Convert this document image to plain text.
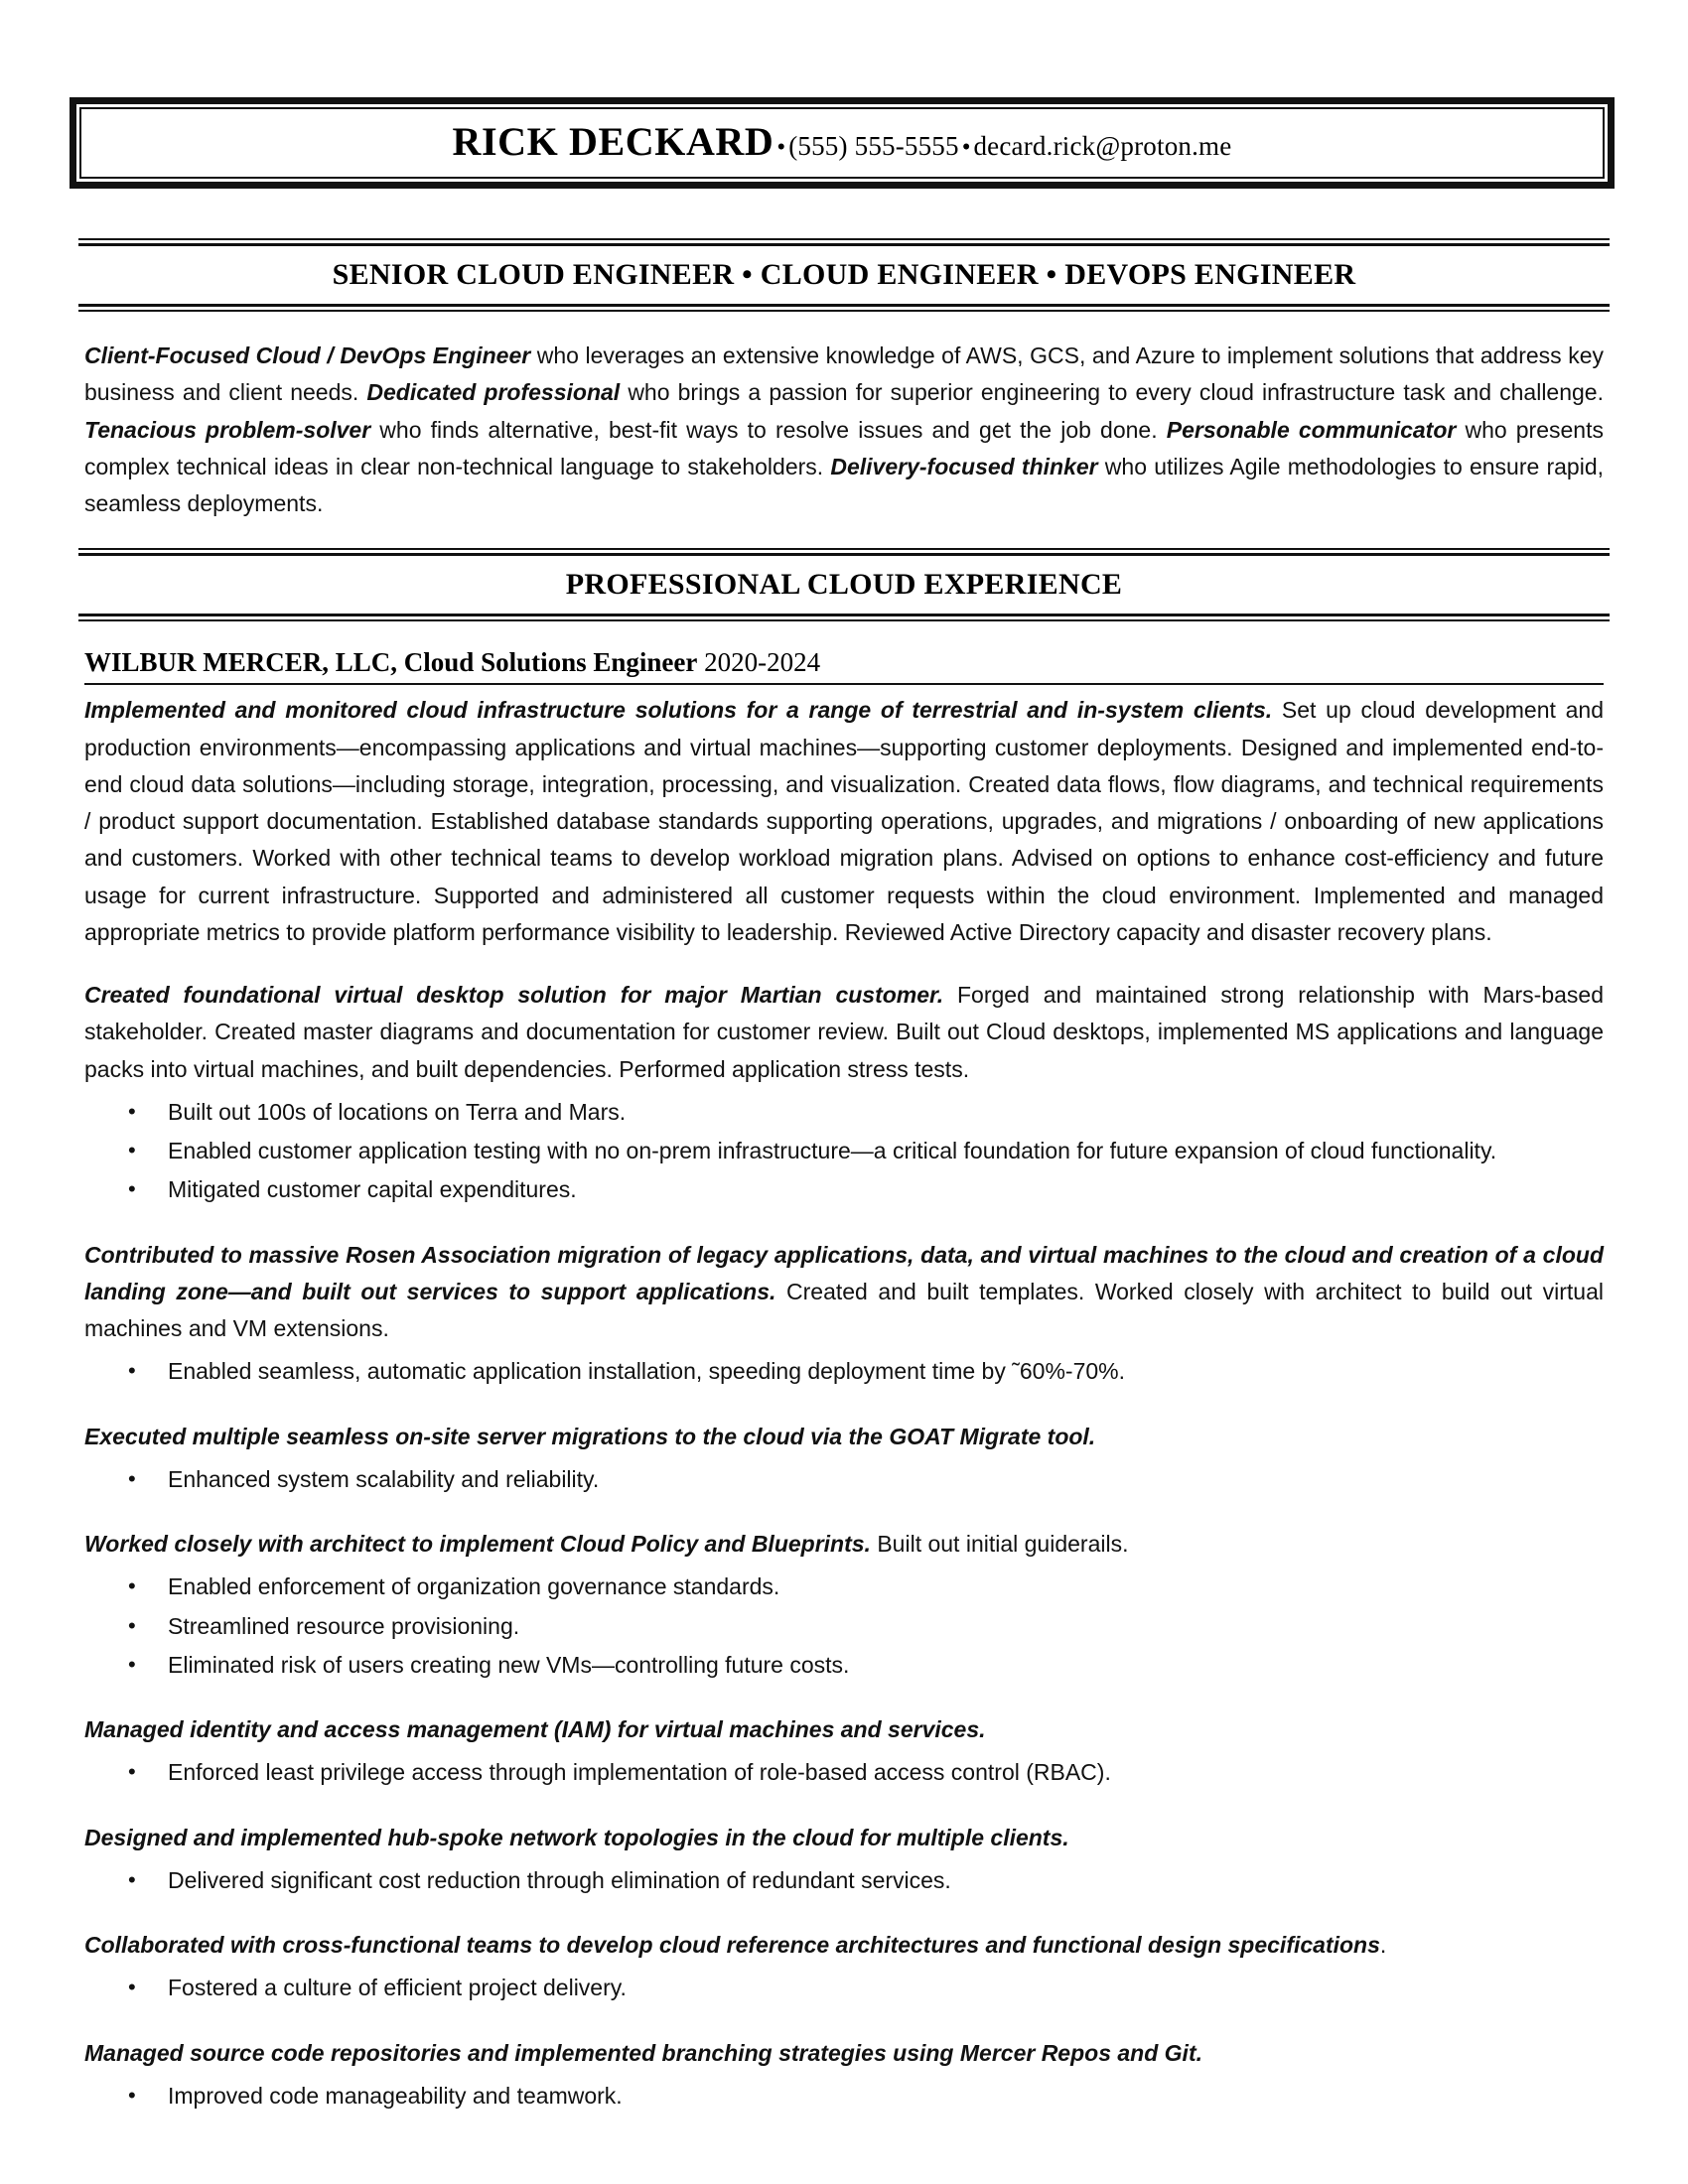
RICK DECKARD • (555) 555-5555 • decard.rick@proton.me
SENIOR CLOUD ENGINEER • CLOUD ENGINEER • DEVOPS ENGINEER

Client-Focused Cloud / DevOps Engineer who leverages an extensive knowledge of AWS, GCS, and Azure to implement solutions that address key business and client needs. Dedicated professional who brings a passion for superior engineering to every cloud infrastructure task and challenge. Tenacious problem-solver who finds alternative, best-fit ways to resolve issues and get the job done. Personable communicator who presents complex technical ideas in clear non-technical language to stakeholders. Delivery-focused thinker who utilizes Agile methodologies to ensure rapid, seamless deployments.

PROFESSIONAL CLOUD EXPERIENCE
WILBUR MERCER, LLC, Cloud Solutions Engineer 2020-2024

Implemented and monitored cloud infrastructure solutions for a range of terrestrial and in-system clients. Set up cloud development and production environments—encompassing applications and virtual machines—supporting customer deployments. Designed and implemented end-to-end cloud data solutions—including storage, integration, processing, and visualization. Created data flows, flow diagrams, and technical requirements / product support documentation. Established database standards supporting operations, upgrades, and migrations / onboarding of new applications and customers. Worked with other technical teams to develop workload migration plans. Advised on options to enhance cost-efficiency and future usage for current infrastructure. Supported and administered all customer requests within the cloud environment. Implemented and managed appropriate metrics to provide platform performance visibility to leadership. Reviewed Active Directory capacity and disaster recovery plans.

Created foundational virtual desktop solution for major Martian customer. Forged and maintained strong relationship with Mars-based stakeholder. Created master diagrams and documentation for customer review. Built out Cloud desktops, implemented MS applications and language packs into virtual machines, and built dependencies. Performed application stress tests.

• Built out 100s of locations on Terra and Mars.
• Enabled customer application testing with no on-prem infrastructure—a critical foundation for future expansion of cloud functionality.
• Mitigated customer capital expenditures.

Contributed to massive Rosen Association migration of legacy applications, data, and virtual machines to the cloud and creation of a cloud landing zone—and built out services to support applications. Created and built templates. Worked closely with architect to build out virtual machines and VM extensions.

• Enabled seamless, automatic application installation, speeding deployment time by ˜60%-70%.

Executed multiple seamless on-site server migrations to the cloud via the GOAT Migrate tool.

• Enhanced system scalability and reliability.

Worked closely with architect to implement Cloud Policy and Blueprints. Built out initial guiderails.

• Enabled enforcement of organization governance standards.
• Streamlined resource provisioning.
• Eliminated risk of users creating new VMs—controlling future costs.

Managed identity and access management (IAM) for virtual machines and services.

• Enforced least privilege access through implementation of role-based access control (RBAC).

Designed and implemented hub-spoke network topologies in the cloud for multiple clients.

• Delivered significant cost reduction through elimination of redundant services.

Collaborated with cross-functional teams to develop cloud reference architectures and functional design specifications.

• Fostered a culture of efficient project delivery.

Managed source code repositories and implemented branching strategies using Mercer Repos and Git.

• Improved code manageability and teamwork.
